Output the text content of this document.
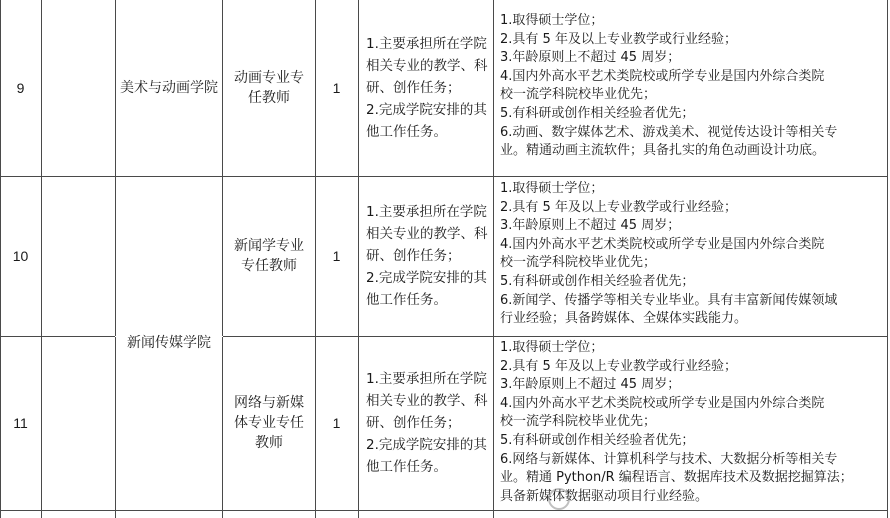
9	美术与动画学院
动画专业专任教师
1
1.主要承担所在学院相关专业的教学、科研、创作任务；
2.完成学院安排的其他工作任务。
1.取得硕士学位；
2.具有 5 年及以上专业教学或行业经验；
3.年龄原则上不超过 45 周岁；
4.国内外高水平艺术类院校或所学专业是国内外综合类院
校一流学科院校毕业优先；
5.有科研或创作相关经验者优先；
6.动画、数字媒体艺术、游戏美术、视觉传达设计等相关专
业。精通动画主流软件；具备扎实的角色动画设计功底。
10
新闻学专业专任教师
1
1.主要承担所在学院相关专业的教学、科研、创作任务；
2.完成学院安排的其他工作任务。
1.取得硕士学位；
2.具有 5 年及以上专业教学或行业经验；
3.年龄原则上不超过 45 周岁；
4.国内外高水平艺术类院校或所学专业是国内外综合类院
校一流学科院校毕业优先；
5.有科研或创作相关经验者优先；
6.新闻学、传播学等相关专业毕业。具有丰富新闻传媒领域
行业经验；具备跨媒体、全媒体实践能力。
新闻传媒学院
11
网络与新媒体专业专任教师
1
1.主要承担所在学院相关专业的教学、科研、创作任务；
2.完成学院安排的其他工作任务。
1.取得硕士学位；
2.具有 5 年及以上专业教学或行业经验；
3.年龄原则上不超过 45 周岁；
4.国内外高水平艺术类院校或所学专业是国内外综合类院
校一流学科院校毕业优先；
5.有科研或创作相关经验者优先；
6.网络与新媒体、计算机科学与技术、大数据分析等相关专
业。精通 Python/R 编程语言、数据库技术及数据挖掘算法；
具备新媒体数据驱动项目行业经验。
